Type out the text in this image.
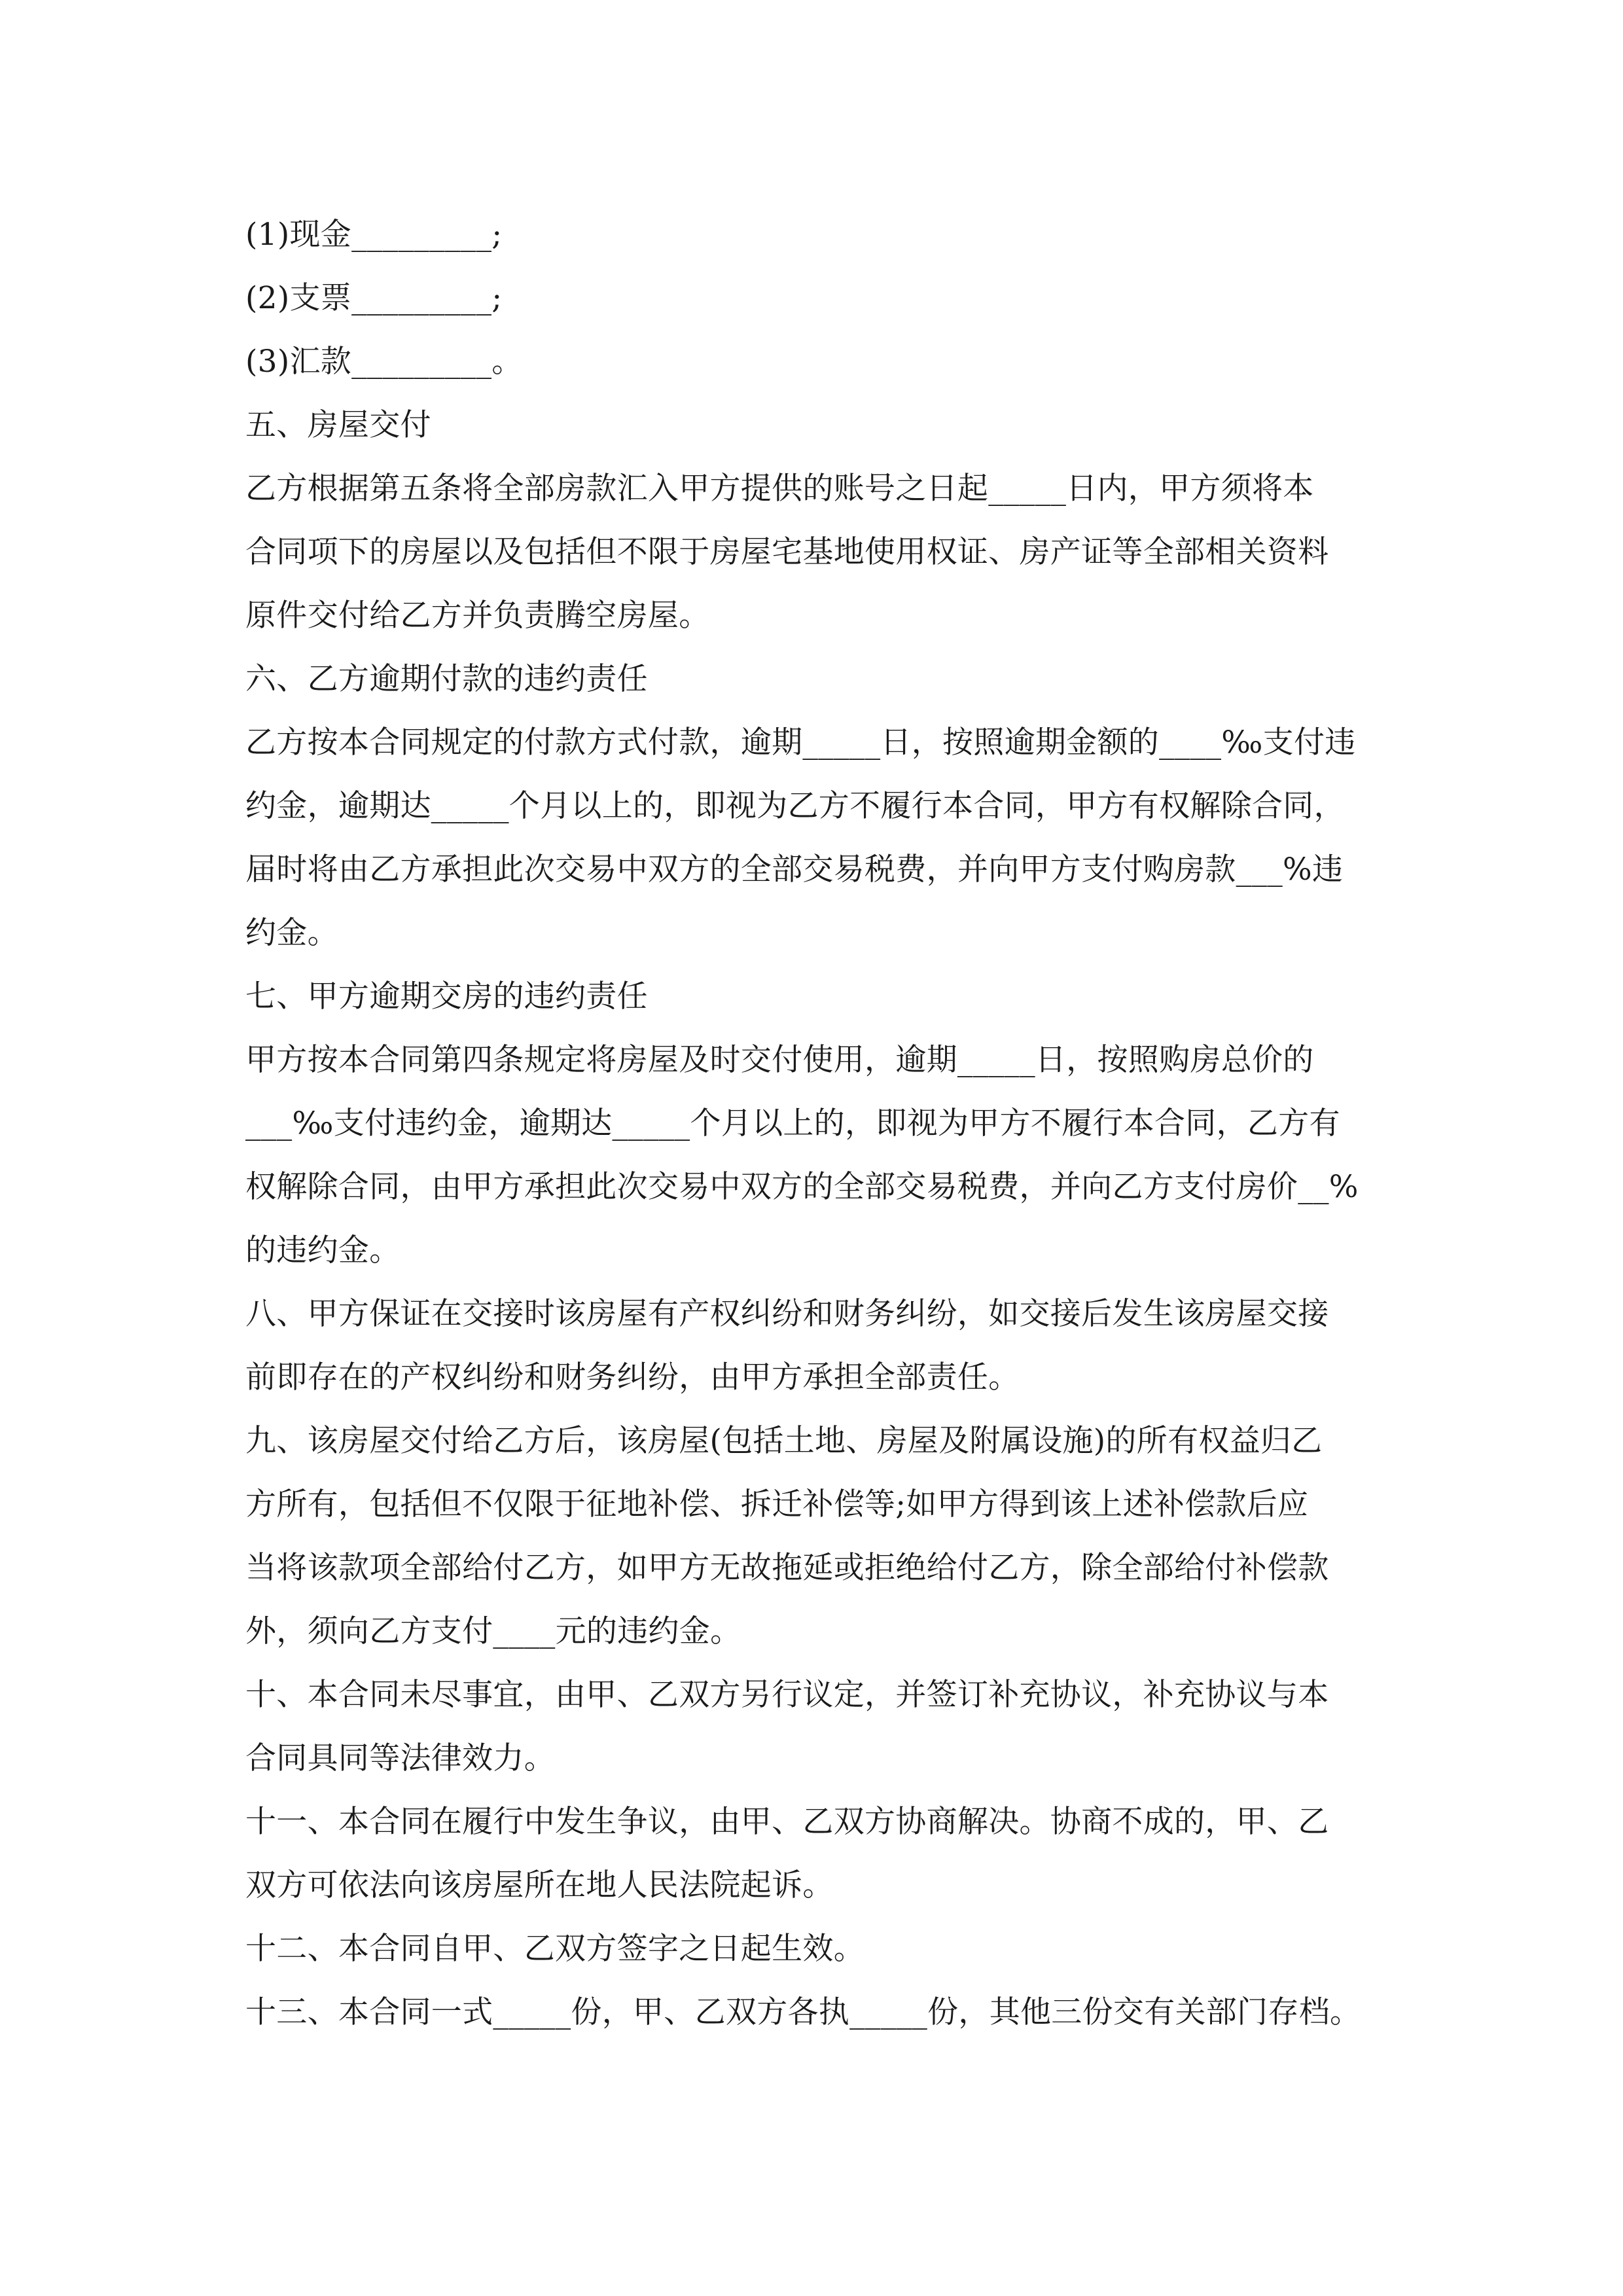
(1)现金_________;
(2)支票_________;
(3)汇款_________。
五、房屋交付
乙方根据第五条将全部房款汇入甲方提供的账号之日起_____日内，甲方须将本
合同项下的房屋以及包括但不限于房屋宅基地使用权证、房产证等全部相关资料
原件交付给乙方并负责腾空房屋。
六、乙方逾期付款的违约责任
乙方按本合同规定的付款方式付款，逾期_____日，按照逾期金额的____‰支付违
约金，逾期达_____个月以上的，即视为乙方不履行本合同，甲方有权解除合同，
届时将由乙方承担此次交易中双方的全部交易税费，并向甲方支付购房款___%违
约金。
七、甲方逾期交房的违约责任
甲方按本合同第四条规定将房屋及时交付使用，逾期_____日，按照购房总价的
___‰支付违约金，逾期达_____个月以上的，即视为甲方不履行本合同，乙方有
权解除合同，由甲方承担此次交易中双方的全部交易税费，并向乙方支付房价__%
的违约金。
八、甲方保证在交接时该房屋有产权纠纷和财务纠纷，如交接后发生该房屋交接
前即存在的产权纠纷和财务纠纷，由甲方承担全部责任。
九、该房屋交付给乙方后，该房屋(包括土地、房屋及附属设施)的所有权益归乙
方所有，包括但不仅限于征地补偿、拆迁补偿等;如甲方得到该上述补偿款后应
当将该款项全部给付乙方，如甲方无故拖延或拒绝给付乙方，除全部给付补偿款
外，须向乙方支付____元的违约金。
十、本合同未尽事宜，由甲、乙双方另行议定，并签订补充协议，补充协议与本
合同具同等法律效力。
十一、本合同在履行中发生争议，由甲、乙双方协商解决。协商不成的，甲、乙
双方可依法向该房屋所在地人民法院起诉。
十二、本合同自甲、乙双方签字之日起生效。
十三、本合同一式_____份，甲、乙双方各执_____份，其他三份交有关部门存档。
